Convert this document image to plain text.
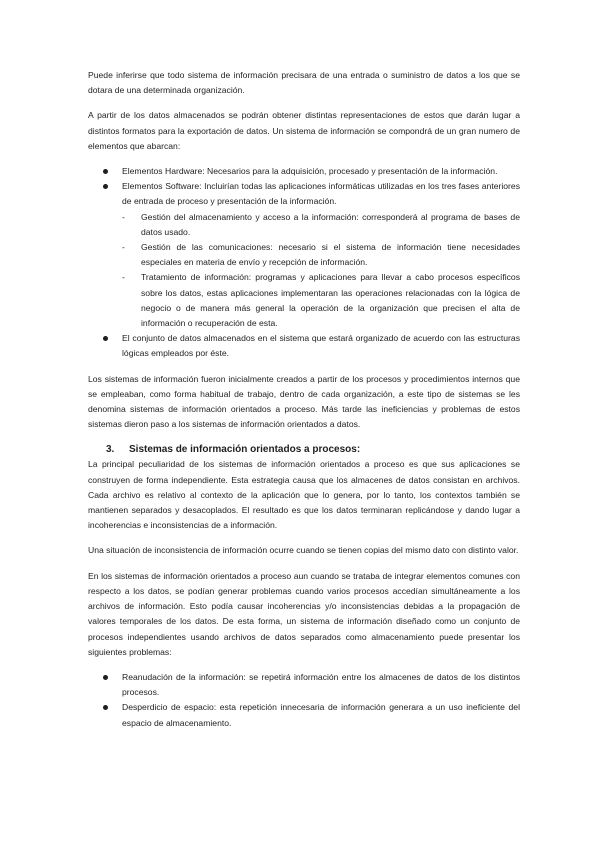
Puede inferirse que todo sistema de información precisara de una entrada o suministro de datos a los que se dotara de una determinada organización.

A partir de los datos almacenados se podrán obtener distintas representaciones de estos que darán lugar a distintos formatos para la exportación de datos. Un sistema de información se compondrá de un gran numero de elementos que abarcan:

Elementos Hardware: Necesarios para la adquisición, procesado y presentación de la información.
Elementos Software: Incluirían todas las aplicaciones informáticas utilizadas en los tres fases anteriores de entrada de proceso y presentación de la información.
- Gestión del almacenamiento y acceso a la información: corresponderá al programa de bases de datos usado.
- Gestión de las comunicaciones: necesario si el sistema de información tiene necesidades especiales en materia de envío y recepción de información.
- Tratamiento de información: programas y aplicaciones para llevar a cabo procesos específicos sobre los datos, estas aplicaciones implementaran las operaciones relacionadas con la lógica de negocio o de manera más general la operación de la organización que precisen el alta de información o recuperación de esta.
El conjunto de datos almacenados en el sistema que estará organizado de acuerdo con las estructuras lógicas empleados por éste.

Los sistemas de información fueron inicialmente creados a partir de los procesos y procedimientos internos que se empleaban, como forma habitual de trabajo, dentro de cada organización, a este tipo de sistemas se les denomina sistemas de información orientados a proceso. Más tarde las ineficiencias y problemas de estos sistemas dieron paso a los sistemas de información orientados a datos.

3. Sistemas de información orientados a procesos:

La principal peculiaridad de los sistemas de información orientados a proceso es que sus aplicaciones se construyen de forma independiente. Esta estrategia causa que los almacenes de datos consistan en archivos. Cada archivo es relativo al contexto de la aplicación que lo genera, por lo tanto, los contextos también se mantienen separados y desacoplados. El resultado es que los datos terminaran replicándose y dando lugar a incoherencias e inconsistencias de a información.

Una situación de inconsistencia de información ocurre cuando se tienen copias del mismo dato con distinto valor.

En los sistemas de información orientados a proceso aun cuando se trataba de integrar elementos comunes con respecto a los datos, se podían generar problemas cuando varios procesos accedían simultáneamente a los archivos de información. Esto podía causar incoherencias y/o inconsistencias debidas a la propagación de valores temporales de los datos. De esta forma, un sistema de información diseñado como un conjunto de procesos independientes usando archivos de datos separados como almacenamiento puede presentar los siguientes problemas:

Reanudación de la información: se repetirá información entre los almacenes de datos de los distintos procesos.
Desperdicio de espacio: esta repetición innecesaria de información generara a un uso ineficiente del espacio de almacenamiento.
